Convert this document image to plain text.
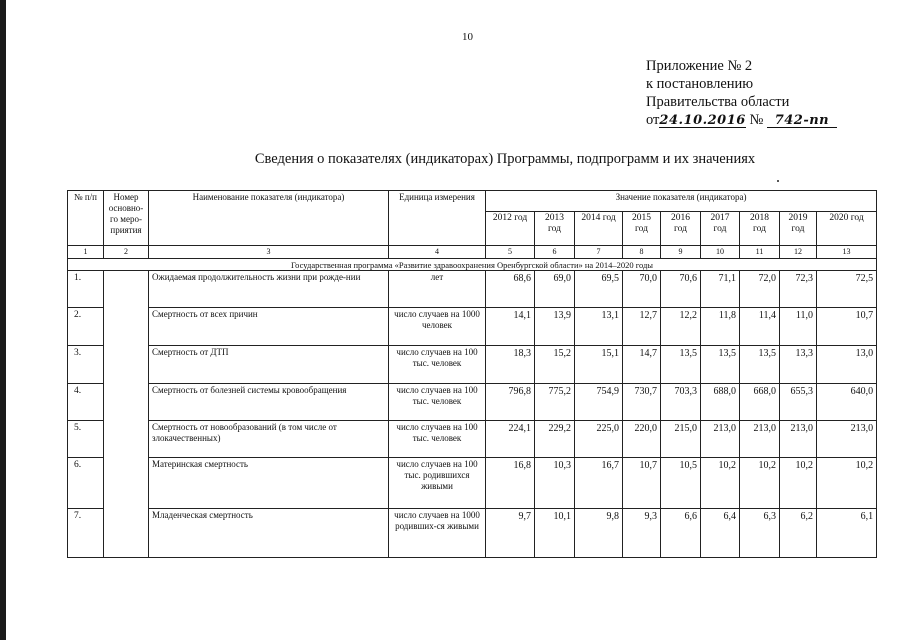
10
Приложение № 2
к постановлению
Правительства области
от24.10.2016 № 742-пп
Сведения о показателях (индикаторах) Программы, подпрограмм и их значениях
№ п/п	Номер основно-го меро-приятия	Наименование показателя (индикатора)	Единица измерения	Значение показателя (индикатора)								
				2012 год	2013 год	2014 год	2015 год	2016 год	2017 год	2018 год	2019 год	2020 год
1	2	3	4	5	6	7	8	9	10	11	12	13
Государственная программа «Развитие здравоохранения Оренбургской области» на 2014–2020 годы												
1.		Ожидаемая продолжительность жизни при рожде-нии	лет	68,6	69,0	69,5	70,0	70,6	71,1	72,0	72,3	72,5
2.		Смертность от всех причин	число случаев на 1000 человек	14,1	13,9	13,1	12,7	12,2	11,8	11,4	11,0	10,7
3.		Смертность от ДТП	число случаев на 100 тыс. человек	18,3	15,2	15,1	14,7	13,5	13,5	13,5	13,3	13,0
4.		Смертность от болезней системы кровообращения	число случаев на 100 тыс. человек	796,8	775,2	754,9	730,7	703,3	688,0	668,0	655,3	640,0
5.		Смертность от новообразований (в том числе от злокачественных)	число случаев на 100 тыс. человек	224,1	229,2	225,0	220,0	215,0	213,0	213,0	213,0	213,0
6.		Материнская смертность	число случаев на 100 тыс. родившихся живыми	16,8	10,3	16,7	10,7	10,5	10,2	10,2	10,2	10,2
7.		Младенческая смертность	число случаев на 1000 родивших-ся живыми	9,7	10,1	9,8	9,3	6,6	6,4	6,3	6,2	6,1
